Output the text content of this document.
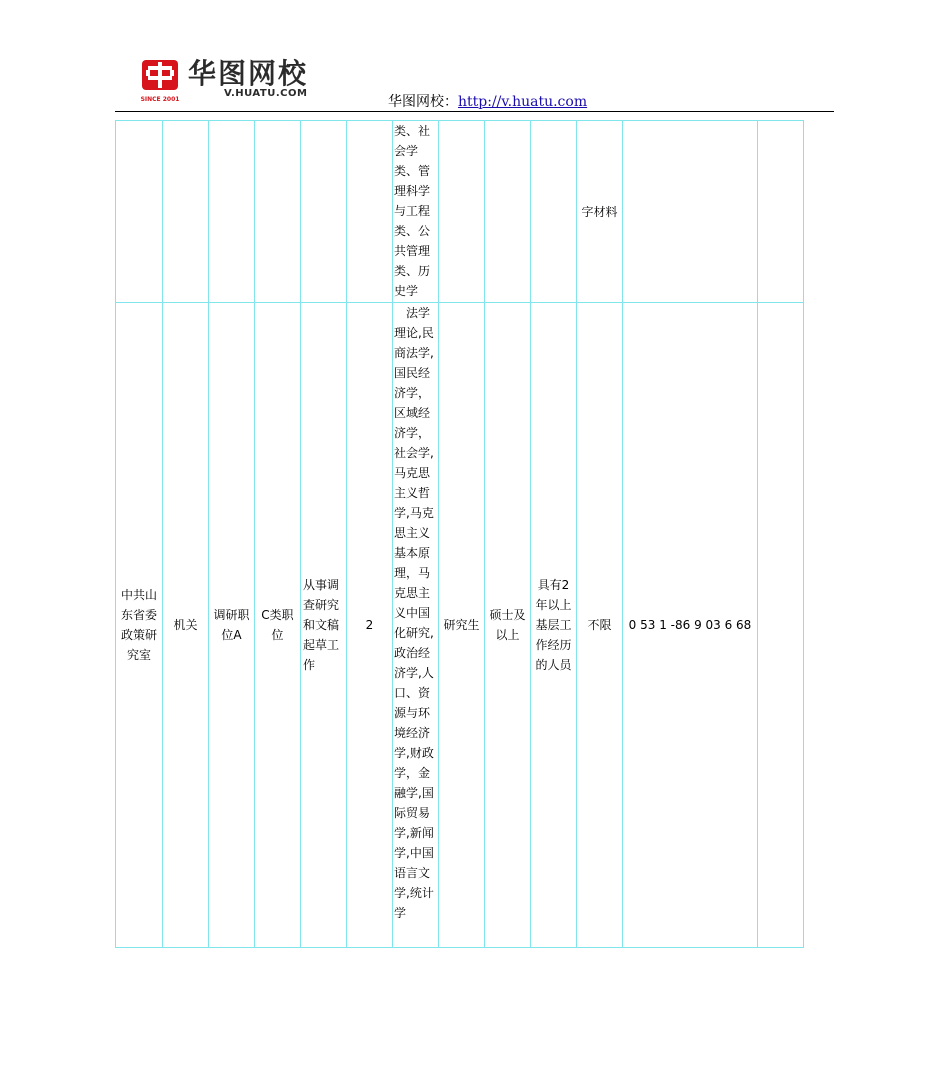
SINCE 2001
华图网校
V.HUATU.COM
华图网校：http://v.huatu.com
						类、社会学类、管理科学与工程类、公共管理类、历史学				字材料		
中共山东省委政策研究室	机关	调研职位A	C类职位	从事调查研究和文稿起草工作	2	法学理论,民商法学,国民经济学，区域经济学，社会学,马克思主义哲学,马克思主义基本原理，马克思主义中国化研究,政治经济学,人口、资源与环境经济学,财政学，金融学,国际贸易学,新闻学,中国语言文学,统计学	研究生	硕士及以上	具有2年以上基层工作经历的人员	不限	0 53 1 -86 9 03 6 68	
